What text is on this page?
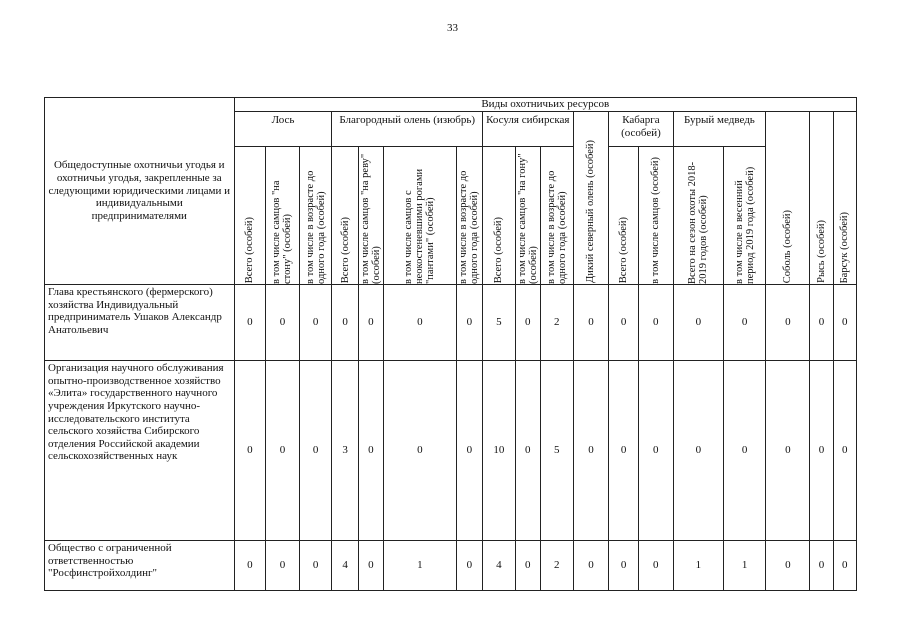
33
Общедоступные охотничьи угодья и охотничьи угодья, закрепленные за следующими юридическими лицами и индивидуальными предпринимателями	Виды охотничьих ресурсов																	
	Лось			Благородный олень (изюбрь)				Косуля сибирская			Дикий северный олень (особей)	Кабарга (особей)		Бурый медведь		Соболь (особей)	Рысь (особей)	Барсук (особей)

	Всего (особей)	в том числе самцов "на стону" (особей)	в том числе в возрасте до одного года (особей)	Всего (особей)	в том числе самцов "на реву" (особей)	в том числе самцов с неокостеневшими рогами "пантами" (особей)	в том числе в возрасте до одного года (особей)	Всего (особей)	в том числе самцов "на гону" (особей)	в том числе в возрасте до одного года (особей)		Всего (особей)	в том числе самцов (особей)	Всего на сезон охоты 2018-2019 годов (особей)	в том числе в весенний период 2019 года (особей)			

Глава крестьянского (фермерского) хозяйства Индивидуальный предприниматель Ушаков Александр Анатольевич	0	0	0	0	0	0	0	5	0	2	0	0	0	0	0	0	0	0
Организация научного обслуживания опытно-производственное хозяйство «Элита» государственного научного учреждения Иркутского научно-исследовательского института сельского хозяйства Сибирского отделения Российской академии сельскохозяйственных наук	0	0	0	3	0	0	0	10	0	5	0	0	0	0	0	0	0	0
Общество с ограниченной ответственностью "Росфинстройхолдинг"	0	0	0	4	0	1	0	4	0	2	0	0	0	1	1	0	0	0
